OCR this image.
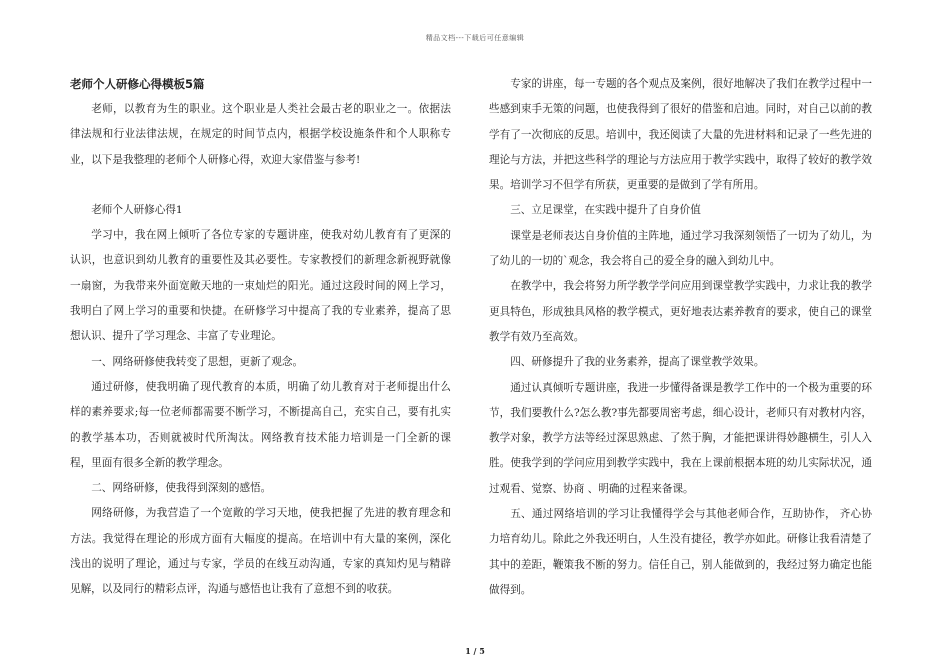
精品文档---下载后可任意编辑
老师个人研修心得模板5篇

老师，以教育为生的职业。这个职业是人类社会最古老的职业之一。依据法律法规和行业法律法规，在规定的时间节点内，根据学校设施条件和个人职称专业，以下是我整理的老师个人研修心得，欢迎大家借鉴与参考!

老师个人研修心得1

学习中，我在网上倾听了各位专家的专题讲座，使我对幼儿教育有了更深的认识，也意识到幼儿教育的重要性及其必要性。专家教授们的新理念新视野就像一扇窗，为我带来外面宽敞天地的一束灿烂的阳光。通过这段时间的网上学习，我明白了网上学习的重要和快捷。在研修学习中提高了我的专业素养，提高了思想认识、提升了学习理念、丰富了专业理论。

一、网络研修使我转变了思想，更新了观念。

通过研修，使我明确了现代教育的本质，明确了幼儿教育对于老师提出什么样的素养要求;每一位老师都需要不断学习，不断提高自己，充实自己，要有扎实的教学基本功，否则就被时代所淘汰。网络教育技术能力培训是一门全新的课程，里面有很多全新的教学理念。

二、网络研修，使我得到深刻的感悟。

网络研修，为我营造了一个宽敞的学习天地，使我把握了先进的教育理念和方法。我觉得在理论的形成方面有大幅度的提高。在培训中有大量的案例，深化浅出的说明了理论，通过与专家，学员的在线互动沟通，专家的真知灼见与精辟见解，以及同行的精彩点评，沟通与感悟也让我有了意想不到的收获。

专家的讲座，每一专题的各个观点及案例，很好地解决了我们在教学过程中一些感到束手无策的问题，也使我得到了很好的借鉴和启迪。同时，对自己以前的教学有了一次彻底的反思。培训中，我还阅读了大量的先进材料和记录了一些先进的理论与方法，并把这些科学的理论与方法应用于教学实践中，取得了较好的教学效果。培训学习不但学有所获，更重要的是做到了学有所用。

三、立足课堂，在实践中提升了自身价值

课堂是老师表达自身价值的主阵地，通过学习我深刻领悟了一切为了幼儿，为了幼儿的一切的`观念，我会将自己的爱全身的融入到幼儿中。

在教学中，我会将努力所学教学学问应用到课堂教学实践中，力求让我的教学更具特色，形成独具风格的教学模式，更好地表达素养教育的要求，使自己的课堂教学有效乃至高效。

四、研修提升了我的业务素养，提高了课堂教学效果。

通过认真倾听专题讲座，我进一步懂得备课是教学工作中的一个极为重要的环节，我们要教什么?怎么教?事先都要周密考虑，细心设计，老师只有对教材内容，教学对象，教学方法等经过深思熟虑、了然于胸，才能把课讲得妙趣横生，引人入胜。使我学到的学问应用到教学实践中，我在上课前根据本班的幼儿实际状况，通过观看、觉察、协商 、明确的过程来备课。

五、通过网络培训的学习让我懂得学会与其他老师合作，互助协作， 齐心协力培育幼儿。除此之外我还明白，人生没有捷径，教学亦如此。研修让我看清楚了其中的差距，鞭策我不断的努力。信任自己，别人能做到的，我经过努力确定也能做得到。

1 / 5
